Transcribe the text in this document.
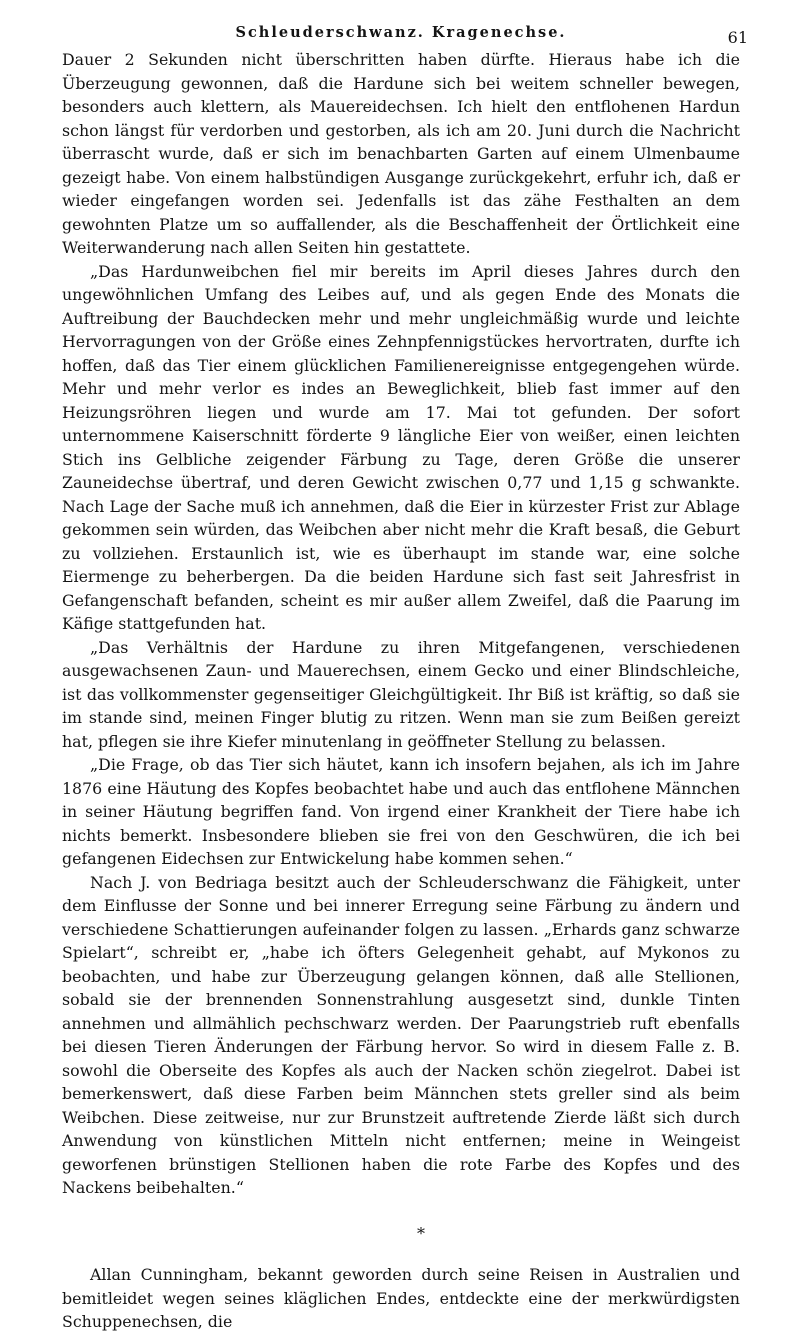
Schleuderschwanz. Kragenechse.	61

Dauer 2 Sekunden nicht überschritten haben dürfte. Hieraus habe ich die Überzeugung gewonnen, daß die Hardune sich bei weitem schneller bewegen, besonders auch klettern, als Mauereidechsen. Ich hielt den entflohenen Hardun schon längst für verdorben und gestorben, als ich am 20. Juni durch die Nachricht überrascht wurde, daß er sich im benachbarten Garten auf einem Ulmenbaume gezeigt habe. Von einem halbstündigen Ausgange zurückgekehrt, erfuhr ich, daß er wieder eingefangen worden sei. Jedenfalls ist das zähe Festhalten an dem gewohnten Platze um so auffallender, als die Beschaffenheit der Örtlichkeit eine Weiterwanderung nach allen Seiten hin gestattete.

„Das Hardunweibchen fiel mir bereits im April dieses Jahres durch den ungewöhnlichen Umfang des Leibes auf, und als gegen Ende des Monats die Auftreibung der Bauchdecken mehr und mehr ungleichmäßig wurde und leichte Hervorragungen von der Größe eines Zehnpfennigstückes hervortraten, durfte ich hoffen, daß das Tier einem glücklichen Familienereignisse entgegengehen würde. Mehr und mehr verlor es indes an Beweglichkeit, blieb fast immer auf den Heizungsröhren liegen und wurde am 17. Mai tot gefunden. Der sofort unternommene Kaiserschnitt förderte 9 längliche Eier von weißer, einen leichten Stich ins Gelbliche zeigender Färbung zu Tage, deren Größe die unserer Zauneidechse übertraf, und deren Gewicht zwischen 0,77 und 1,15 g schwankte. Nach Lage der Sache muß ich annehmen, daß die Eier in kürzester Frist zur Ablage gekommen sein würden, das Weibchen aber nicht mehr die Kraft besaß, die Geburt zu vollziehen. Erstaunlich ist, wie es überhaupt im stande war, eine solche Eiermenge zu beherbergen. Da die beiden Hardune sich fast seit Jahresfrist in Gefangenschaft befanden, scheint es mir außer allem Zweifel, daß die Paarung im Käfige stattgefunden hat.

„Das Verhältnis der Hardune zu ihren Mitgefangenen, verschiedenen ausgewachsenen Zaun- und Mauerechsen, einem Gecko und einer Blindschleiche, ist das vollkommenster gegenseitiger Gleichgültigkeit. Ihr Biß ist kräftig, so daß sie im stande sind, meinen Finger blutig zu ritzen. Wenn man sie zum Beißen gereizt hat, pflegen sie ihre Kiefer minutenlang in geöffneter Stellung zu belassen.

„Die Frage, ob das Tier sich häutet, kann ich insofern bejahen, als ich im Jahre 1876 eine Häutung des Kopfes beobachtet habe und auch das entflohene Männchen in seiner Häutung begriffen fand. Von irgend einer Krankheit der Tiere habe ich nichts bemerkt. Insbesondere blieben sie frei von den Geschwüren, die ich bei gefangenen Eidechsen zur Entwickelung habe kommen sehen.“

Nach J. von Bedriaga besitzt auch der Schleuderschwanz die Fähigkeit, unter dem Einflusse der Sonne und bei innerer Erregung seine Färbung zu ändern und verschiedene Schattierungen aufeinander folgen zu lassen. „Erhards ganz schwarze Spielart“, schreibt er, „habe ich öfters Gelegenheit gehabt, auf Mykonos zu beobachten, und habe zur Überzeugung gelangen können, daß alle Stellionen, sobald sie der brennenden Sonnenstrahlung ausgesetzt sind, dunkle Tinten annehmen und allmählich pechschwarz werden. Der Paarungstrieb ruft ebenfalls bei diesen Tieren Änderungen der Färbung hervor. So wird in diesem Falle z. B. sowohl die Oberseite des Kopfes als auch der Nacken schön ziegelrot. Dabei ist bemerkenswert, daß diese Farben beim Männchen stets greller sind als beim Weibchen. Diese zeitweise, nur zur Brunstzeit auftretende Zierde läßt sich durch Anwendung von künstlichen Mitteln nicht entfernen; meine in Weingeist geworfenen brünstigen Stellionen haben die rote Farbe des Kopfes und des Nackens beibehalten.“

*

Allan Cunningham, bekannt geworden durch seine Reisen in Australien und bemitleidet wegen seines kläglichen Endes, entdeckte eine der merkwürdigsten Schuppenechsen, die
